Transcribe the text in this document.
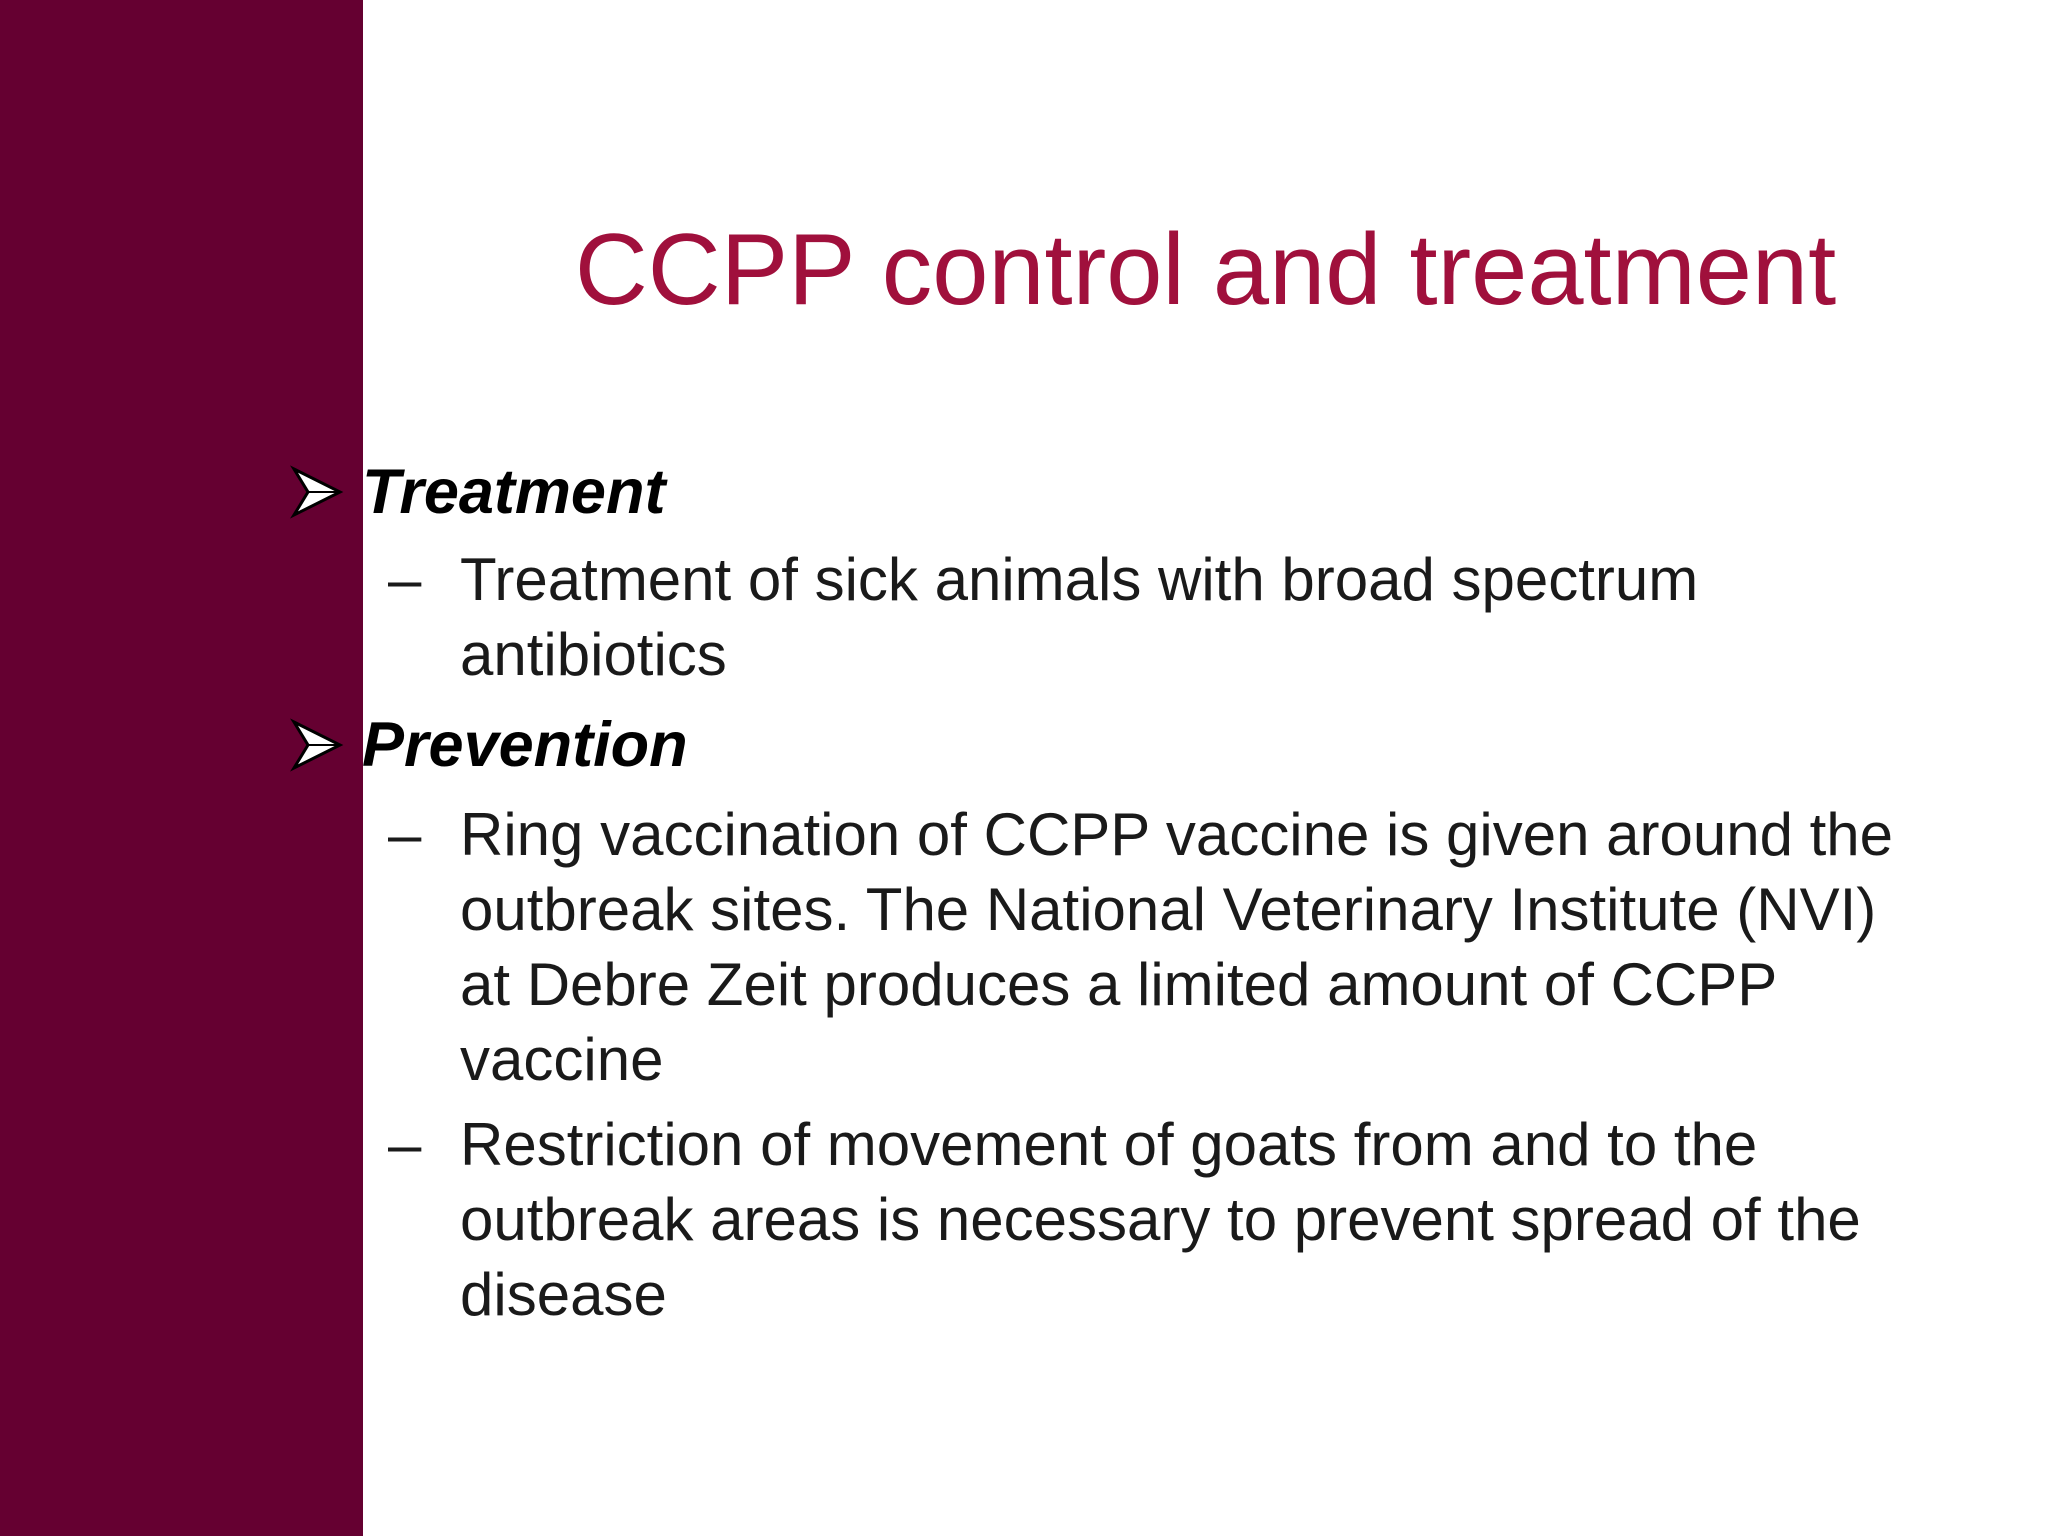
CCPP control and treatment
Treatment
– Treatment of sick animals with broad spectrum antibiotics
Prevention
– Ring vaccination of CCPP vaccine is given around the outbreak sites. The National Veterinary Institute (NVI) at Debre Zeit produces a limited amount of CCPP vaccine
– Restriction of movement of goats from and to the outbreak areas is necessary to prevent spread of the disease
